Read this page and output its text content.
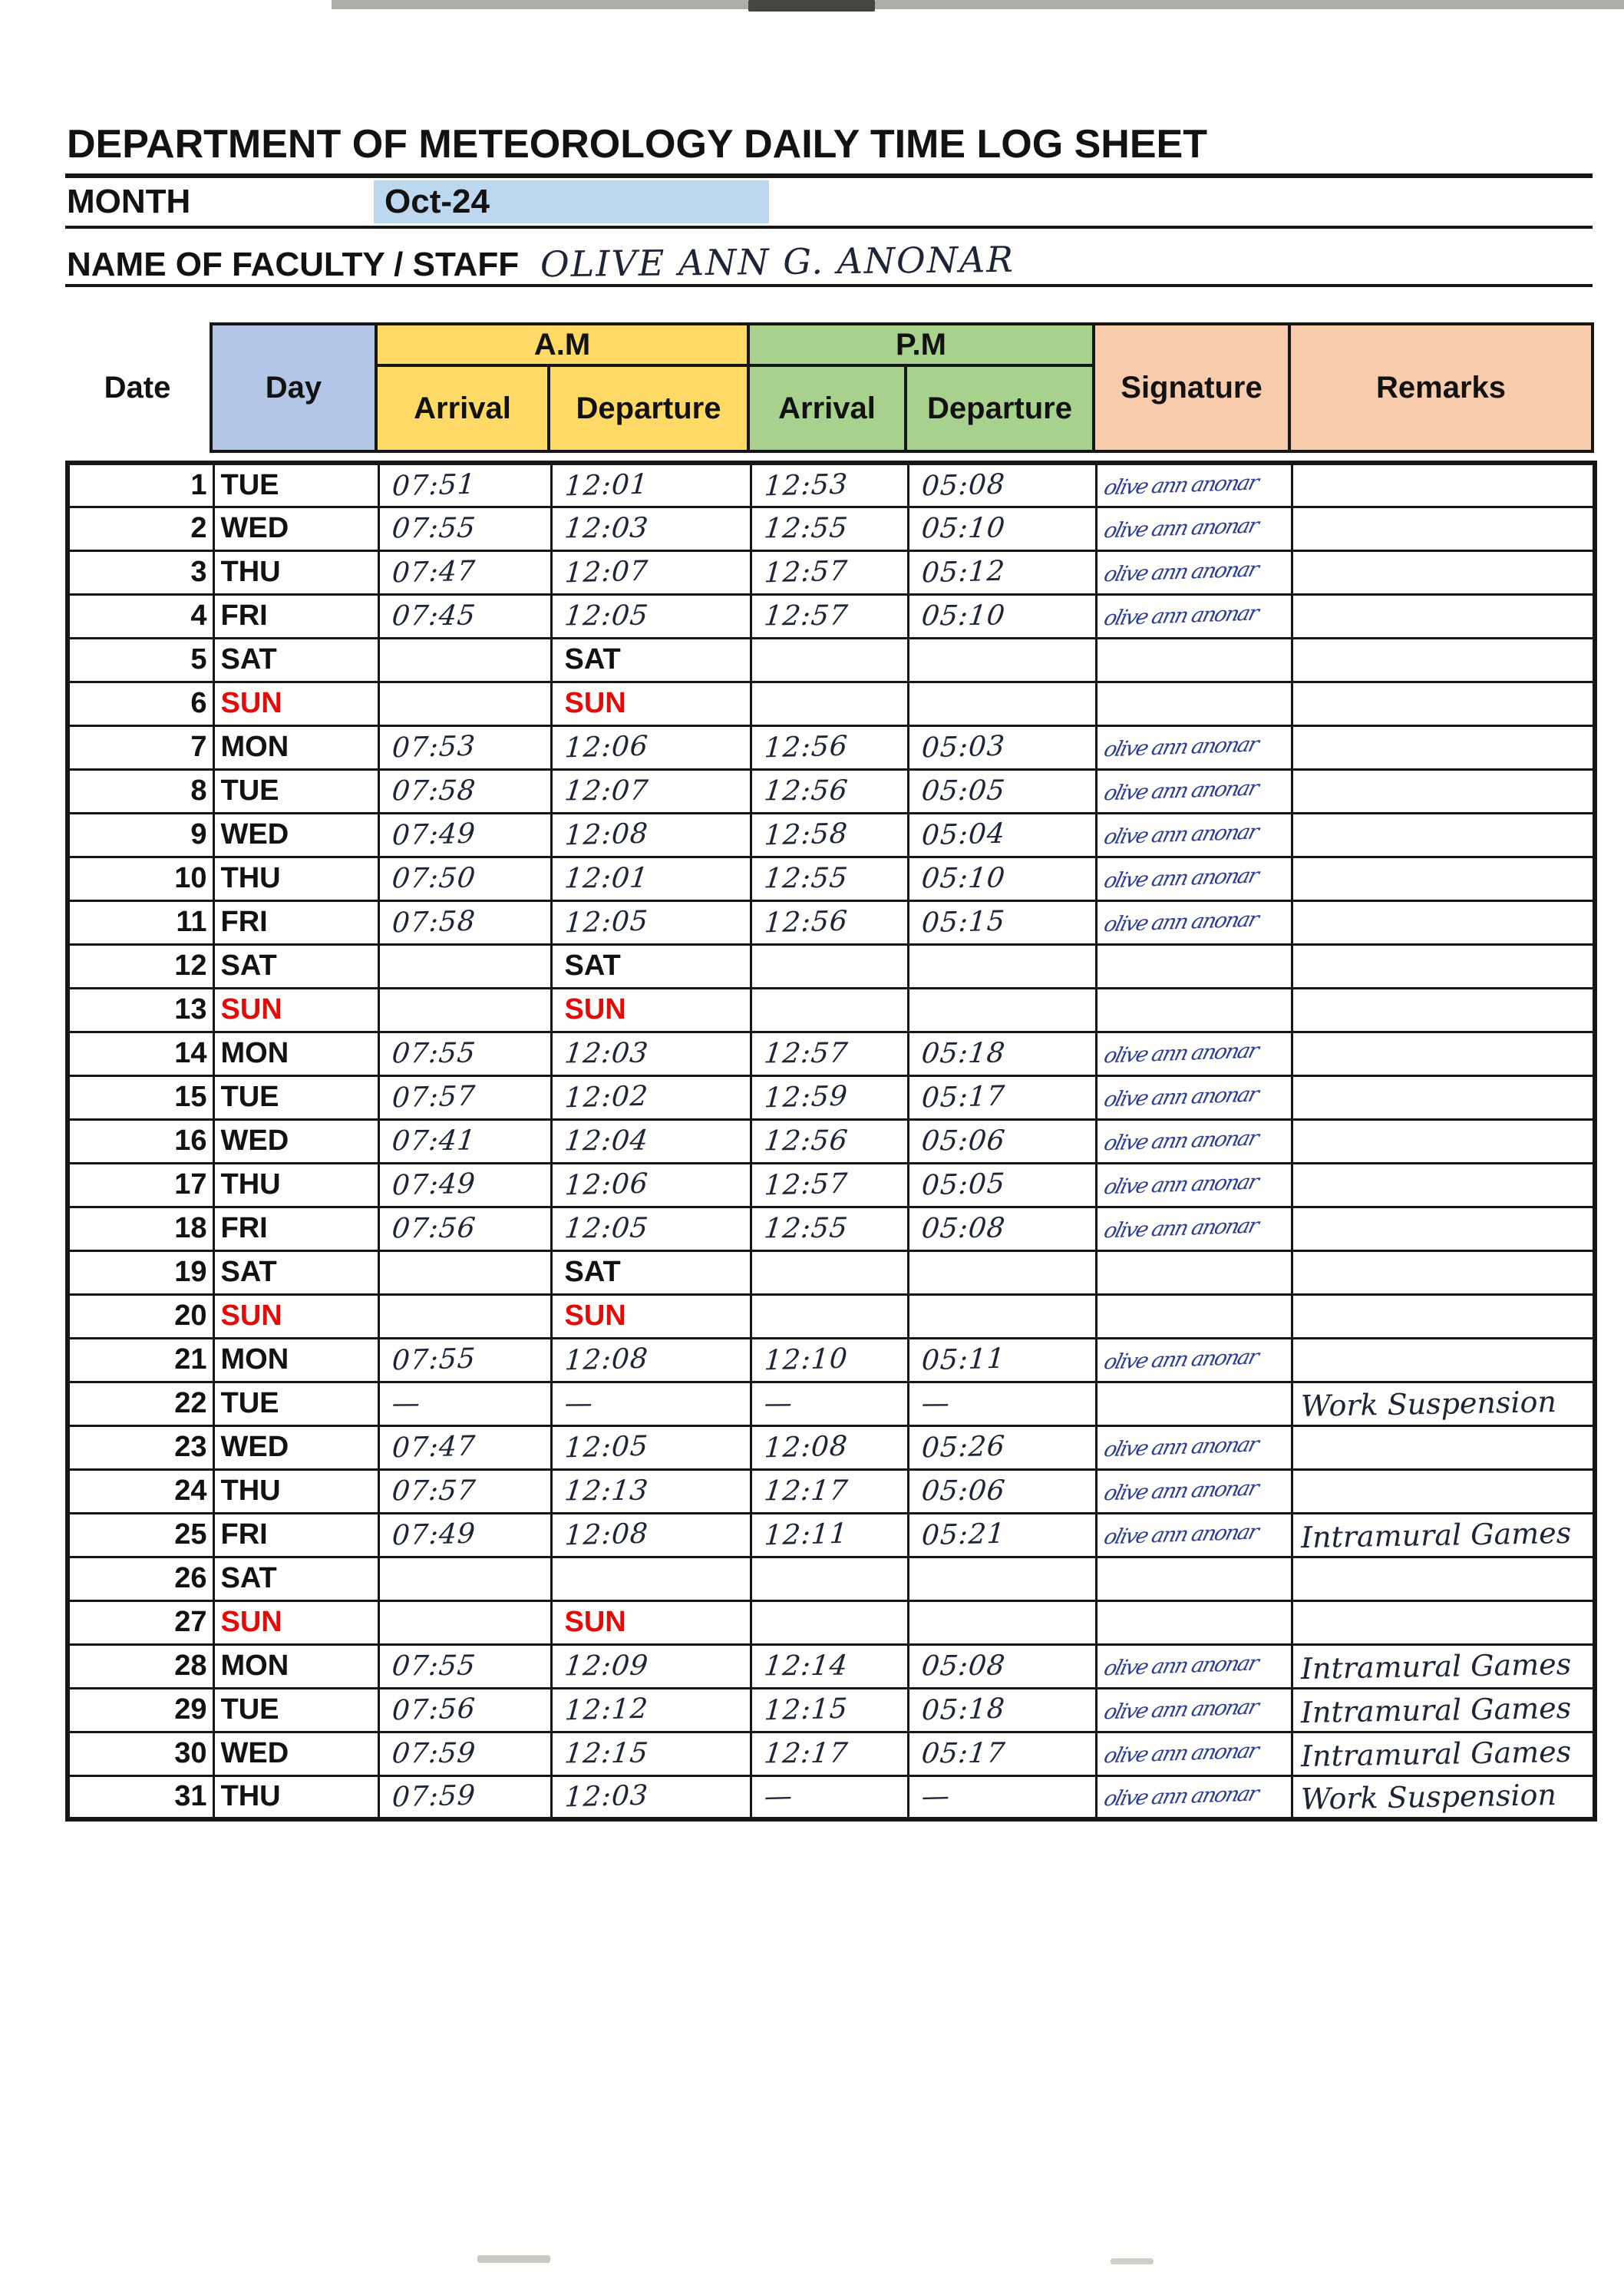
DEPARTMENT OF METEOROLOGY DAILY TIME LOG SHEET
MONTH	Oct-24
NAME OF FACULTY / STAFF OLIVE ANN G. ANONAR
Date	Day	A.M		P.M		Signature	Remarks
		Arrival	Departure	Arrival	Departure		
1	TUE	07:51	12:01	12:53	05:08	olive ann anonar	
2	WED	07:55	12:03	12:55	05:10	olive ann anonar	
3	THU	07:47	12:07	12:57	05:12	olive ann anonar	
4	FRI	07:45	12:05	12:57	05:10	olive ann anonar	
5	SAT		SAT				
6	SUN		SUN				
7	MON	07:53	12:06	12:56	05:03	olive ann anonar	
8	TUE	07:58	12:07	12:56	05:05	olive ann anonar	
9	WED	07:49	12:08	12:58	05:04	olive ann anonar	
10	THU	07:50	12:01	12:55	05:10	olive ann anonar	
11	FRI	07:58	12:05	12:56	05:15	olive ann anonar	
12	SAT		SAT				
13	SUN		SUN				
14	MON	07:55	12:03	12:57	05:18	olive ann anonar	
15	TUE	07:57	12:02	12:59	05:17	olive ann anonar	
16	WED	07:41	12:04	12:56	05:06	olive ann anonar	
17	THU	07:49	12:06	12:57	05:05	olive ann anonar	
18	FRI	07:56	12:05	12:55	05:08	olive ann anonar	
19	SAT		SAT				
20	SUN		SUN				
21	MON	07:55	12:08	12:10	05:11	olive ann anonar	
22	TUE	—	—	—	—		Work Suspension
23	WED	07:47	12:05	12:08	05:26	olive ann anonar	
24	THU	07:57	12:13	12:17	05:06	olive ann anonar	
25	FRI	07:49	12:08	12:11	05:21	olive ann anonar	Intramural Games
26	SAT						
27	SUN		SUN				
28	MON	07:55	12:09	12:14	05:08	olive ann anonar	Intramural Games
29	TUE	07:56	12:12	12:15	05:18	olive ann anonar	Intramural Games
30	WED	07:59	12:15	12:17	05:17	olive ann anonar	Intramural Games
31	THU	07:59	12:03	—	—	olive ann anonar	Work Suspension
